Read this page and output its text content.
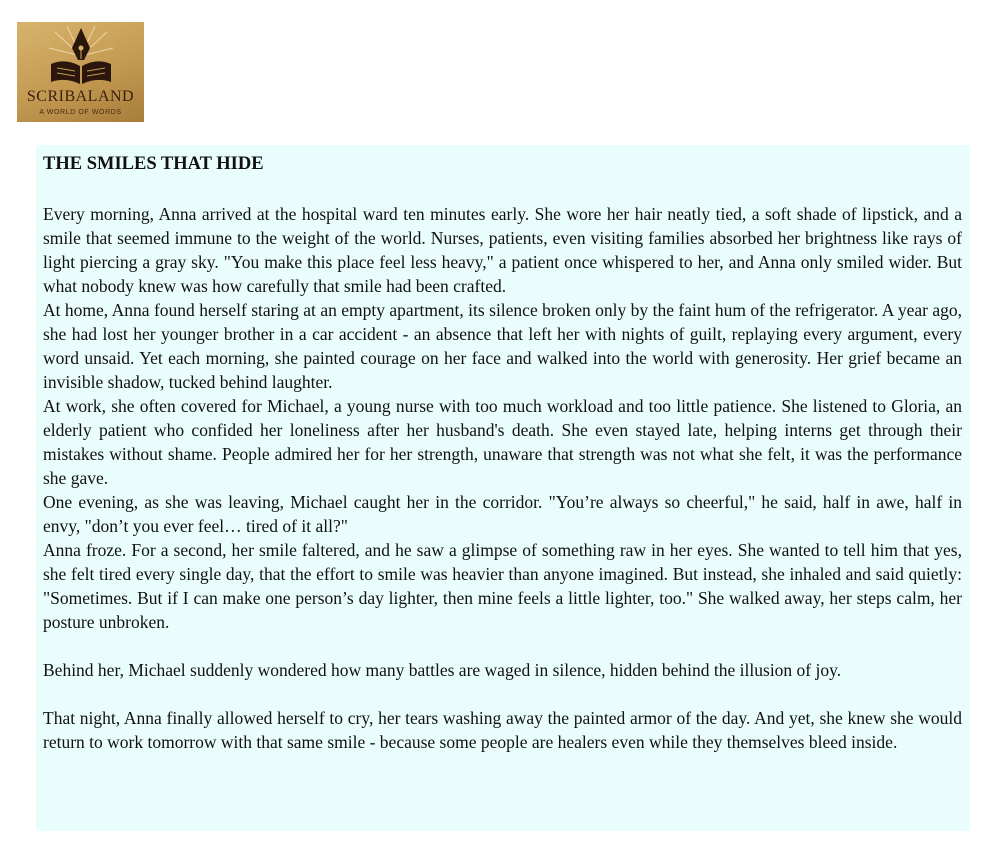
SCRIBALAND
A WORLD OF WORDS
THE SMILES THAT HIDE

Every morning, Anna arrived at the hospital ward ten minutes early. She wore her hair neatly tied, a soft shade of lipstick, and a smile that seemed immune to the weight of the world. Nurses, patients, even visiting families absorbed her brightness like rays of light piercing a gray sky. "You make this place feel less heavy," a patient once whispered to her, and Anna only smiled wider. But what nobody knew was how carefully that smile had been crafted.

At home, Anna found herself staring at an empty apartment, its silence broken only by the faint hum of the refrigerator. A year ago, she had lost her younger brother in a car accident - an absence that left her with nights of guilt, replaying every argument, every word unsaid. Yet each morning, she painted courage on her face and walked into the world with generosity. Her grief became an invisible shadow, tucked behind laughter.

At work, she often covered for Michael, a young nurse with too much workload and too little patience. She listened to Gloria, an elderly patient who confided her loneliness after her husband's death. She even stayed late, helping interns get through their mistakes without shame. People admired her for her strength, unaware that strength was not what she felt, it was the performance she gave.

One evening, as she was leaving, Michael caught her in the corridor. "You’re always so cheerful," he said, half in awe, half in envy, "don’t you ever feel… tired of it all?"

Anna froze. For a second, her smile faltered, and he saw a glimpse of something raw in her eyes. She wanted to tell him that yes, she felt tired every single day, that the effort to smile was heavier than anyone imagined. But instead, she inhaled and said quietly: "Sometimes. But if I can make one person’s day lighter, then mine feels a little lighter, too." She walked away, her steps calm, her posture unbroken.

Behind her, Michael suddenly wondered how many battles are waged in silence, hidden behind the illusion of joy.

That night, Anna finally allowed herself to cry, her tears washing away the painted armor of the day. And yet, she knew she would return to work tomorrow with that same smile - because some people are healers even while they themselves bleed inside.
